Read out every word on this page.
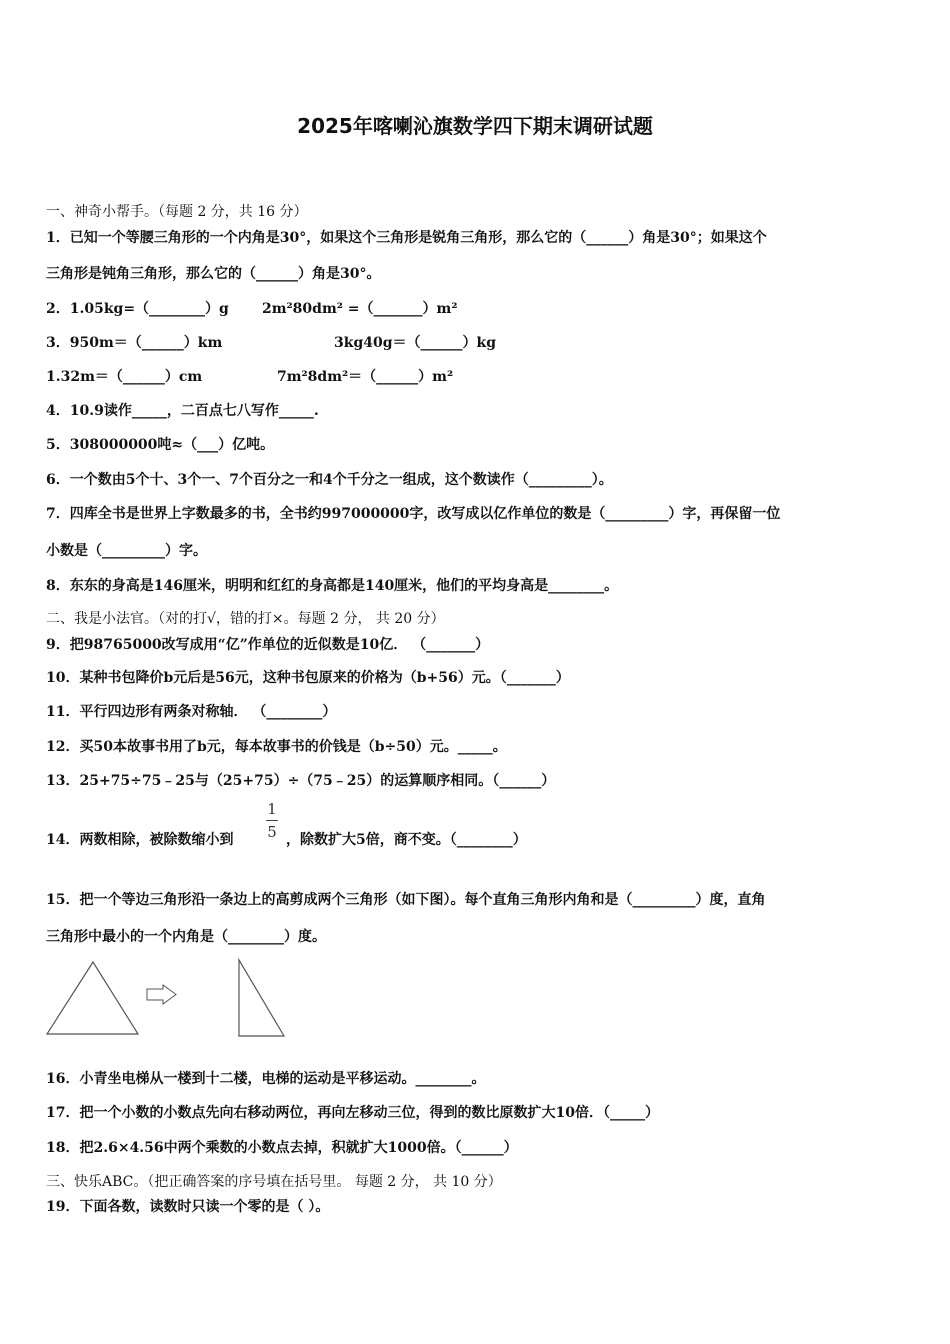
2025年喀喇沁旗数学四下期末调研试题
一、神奇小帮手。（每题 2 分，共 16 分）
1．已知一个等腰三角形的一个内角是30°，如果这个三角形是锐角三角形，那么它的（______）角是30°；如果这个
三角形是钝角三角形，那么它的（______）角是30°。
2．1.05kg=（________）g 2m²80dm² =（_______）m²
3．950m＝（______）km	3kg40g＝（______）kg
1.32m＝（______）cm	7m²8dm²＝（______）m²
4．10.9读作_____，二百点七八写作_____.
5．308000000吨≈（___）亿吨。
6．一个数由5个十、3个一、7个百分之一和4个千分之一组成，这个数读作（_________）。
7．四库全书是世界上字数最多的书，全书约997000000字，改写成以亿作单位的数是（_________）字，再保留一位
小数是（_________）字。
8．东东的身高是146厘米，明明和红红的身高都是140厘米，他们的平均身高是________。
二、我是小法官。（对的打√，错的打×。每题 2 分， 共 20 分）
9．把98765000改写成用“亿”作单位的近似数是10亿． （_______）
10．某种书包降价b元后是56元，这种书包原来的价格为（b+56）元。（_______）
11．平行四边形有两条对称轴． （________）
12．买50本故事书用了b元，每本故事书的价钱是（b÷50）元。_____。
13．25+75÷75﹣25与（25+75）÷（75﹣25）的运算顺序相同。（______）
14．两数相除，被除数缩小到
1
5 ，除数扩大5倍，商不变。（________）
15．把一个等边三角形沿一条边上的高剪成两个三角形（如下图）。每个直角三角形内角和是（_________）度，直角
三角形中最小的一个内角是（________）度。
16．小青坐电梯从一楼到十二楼，电梯的运动是平移运动。________。
17．把一个小数的小数点先向右移动两位，再向左移动三位，得到的数比原数扩大10倍．（_____）
18．把2.6×4.56中两个乘数的小数点去掉，积就扩大1000倍。（______）
三、快乐ABC。（把正确答案的序号填在括号里。 每题 2 分， 共 10 分）
19．下面各数，读数时只读一个零的是（ ）。
